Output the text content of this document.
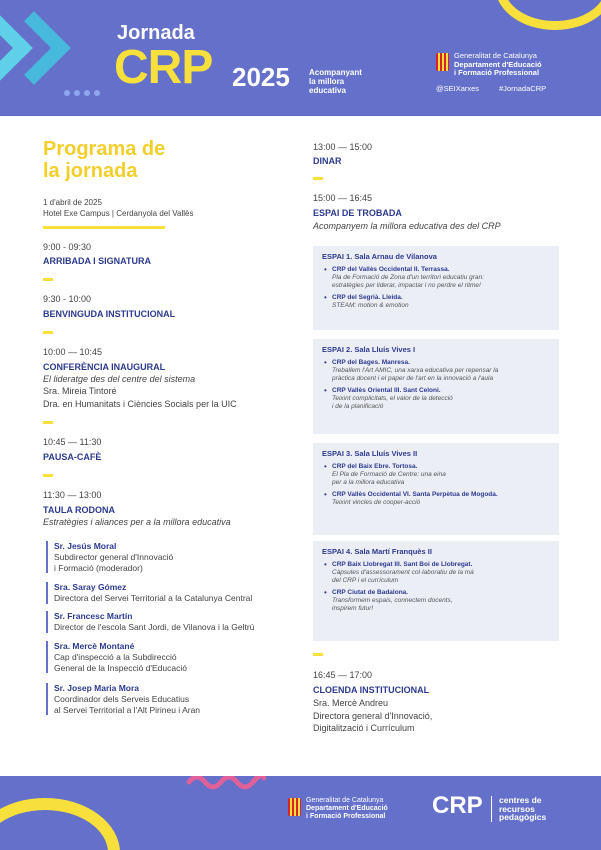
Jornada
CRP 2025 Acompanyant
la millora
educativa
Generalitat de Catalunya
Departament d'Educació
i Formació Professional
@SEIXarxes	#JornadaCRP
Programa de
la jornada
1 d'abril de 2025
Hotel Exe Campus | Cerdanyola del Vallès
9:00 - 09:30
ARRIBADA I SIGNATURA
9:30 - 10:00
BENVINGUDA INSTITUCIONAL
10:00 — 10:45
CONFERÈNCIA INAUGURAL
El lideratge des del centre del sistema
Sra. Mireia Tintoré
Dra. en Humanitats i Ciències Socials per la UIC
10:45 — 11:30
PAUSA-CAFÈ
11:30 — 13:00
TAULA RODONA
Estratègies i aliances per a la millora educativa
Sr. Jesús Moral
Subdirector general d'Innovació
i Formació (moderador)
Sra. Saray Gómez
Directora del Servei Territorial a la Catalunya Central
Sr. Francesc Martín
Director de l'escola Sant Jordi, de Vilanova i la Geltrú
Sra. Mercè Montané
Cap d'inspecció a la Subdirecció
General de la Inspecció d'Educació
Sr. Josep Maria Mora
Coordinador dels Serveis Educatius
al Servei Territorial a l'Alt Pirineu i Aran
13:00 — 15:00
DINAR
15:00 — 16:45
ESPAI DE TROBADA
Acompanyem la millora educativa des del CRP
ESPAI 1. Sala Arnau de Vilanova
• CRP del Vallès Occidental II. Terrassa.
Pla de Formació de Zona d'un territori educatiu gran:
estratègies per liderar, impactar i no perdre el ritme!
• CRP del Segrià. Lleida.
STEAM: motion & emotion
ESPAI 2. Sala Lluís Vives I
• CRP del Bages. Manresa.
Treballem l'Art AMIC, una xarxa educativa per repensar la
pràctica docent i el paper de l'art en la innovació a l'aula
• CRP Vallès Oriental III. Sant Celoni.
Teixint complicitats, el valor de la detecció
i de la planificació
ESPAI 3. Sala Lluís Vives II
• CRP del Baix Ebre. Tortosa.
El Pla de Formació de Centre: una eina
per a la millora educativa
• CRP Vallès Occidental VI. Santa Perpètua de Mogoda.
Teixint vincles de cooper-acció
ESPAI 4. Sala Martí Franquès II
• CRP Baix Llobregat III. Sant Boi de Llobregat.
Càpsules d'assessorament col·laboratiu de la mà
del CRP i el currículum
• CRP Ciutat de Badalona.
Transformem espais, connectem docents,
inspirem futur!
16:45 — 17:00
CLOENDA INSTITUCIONAL
Sra. Mercè Andreu
Directora general d'Innovació,
Digitalització i Currículum
Generalitat de Catalunya
Departament d'Educació
i Formació Professional CRP centres de
recursos
pedagògics
